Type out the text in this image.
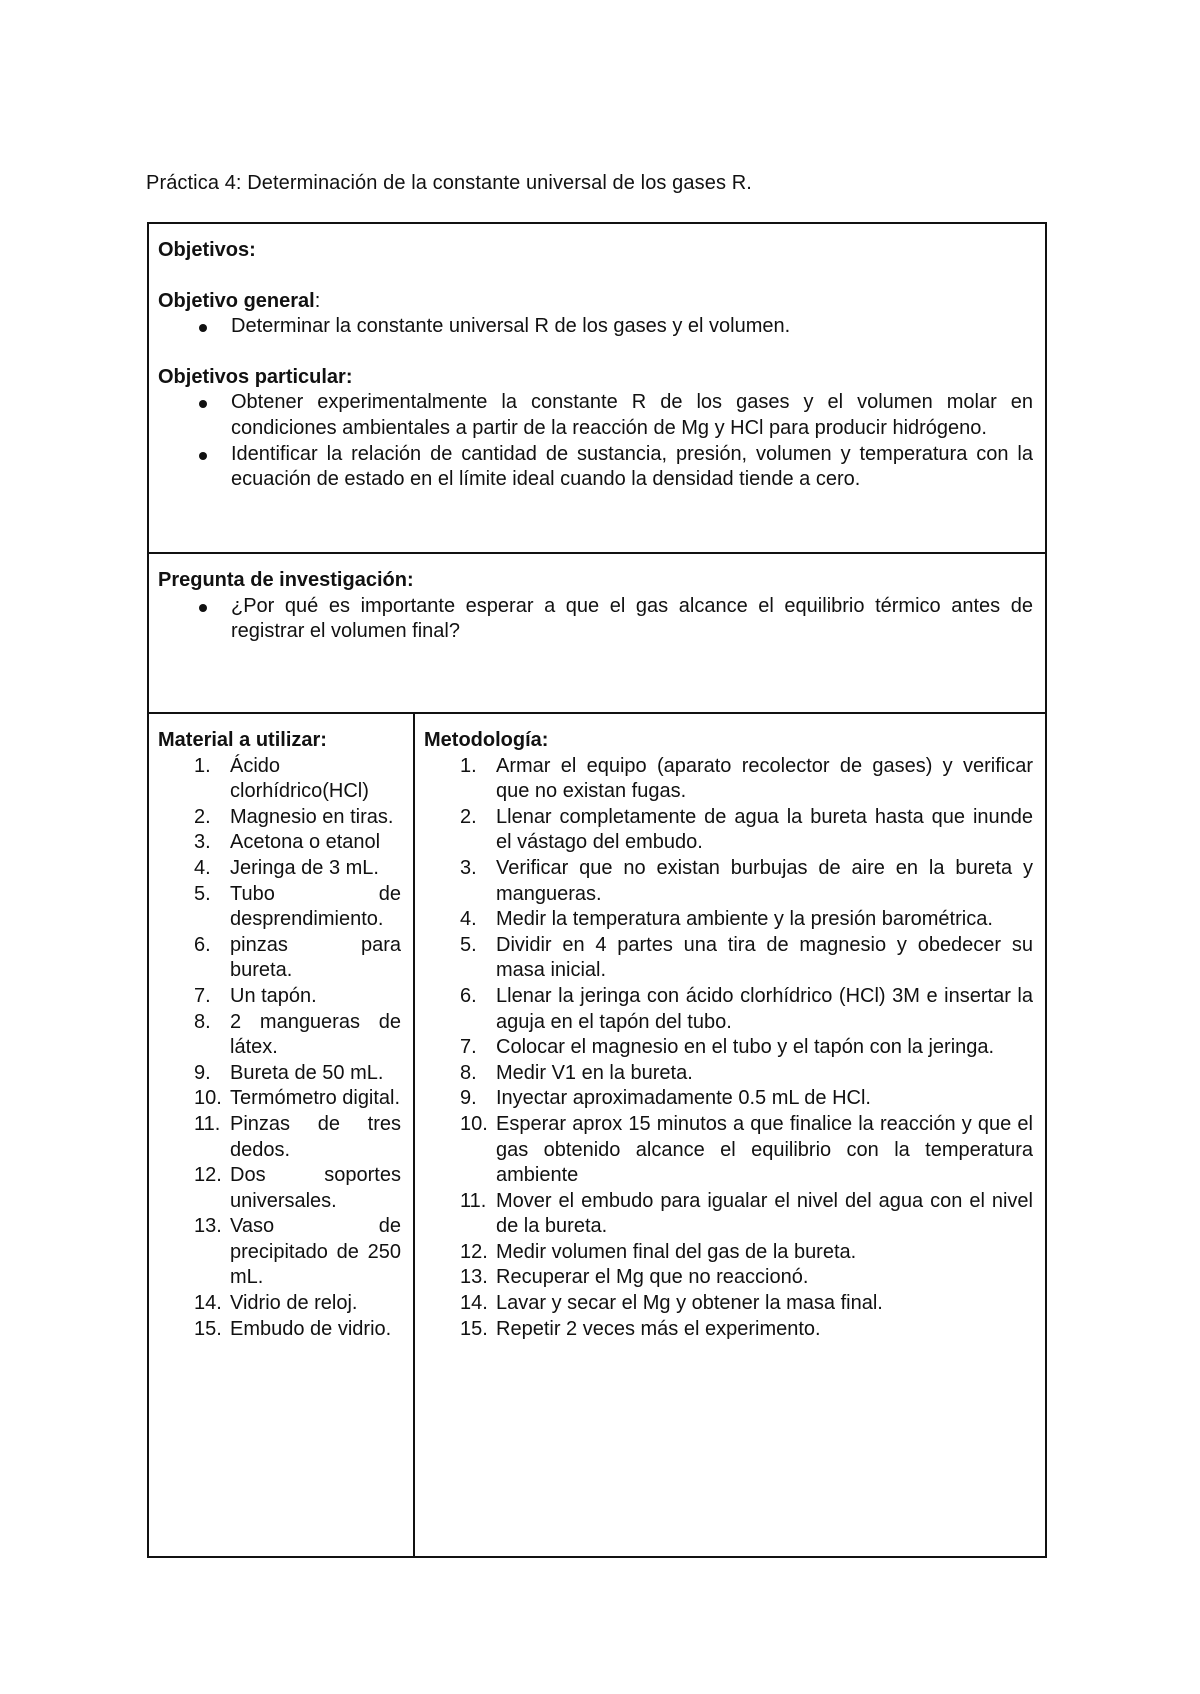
Práctica 4: Determinación de la constante universal de los gases R.
Objetivos:
Objetivo general:
Determinar la constante universal R de los gases y el volumen.
Objetivos particular:
Obtener experimentalmente la constante R de los gases y el volumen molar en condiciones ambientales a partir de la reacción de Mg y HCl para producir hidrógeno.
Identificar la relación de cantidad de sustancia, presión, volumen y temperatura con la ecuación de estado en el límite ideal cuando la densidad tiende a cero.
Pregunta de investigación:
¿Por qué es importante esperar a que el gas alcance el equilibrio térmico antes de registrar el volumen final?
Material a utilizar:
1. Ácido clorhídrico(HCl)
2. Magnesio en tiras.
3. Acetona o etanol
4. Jeringa de 3 mL.
5. Tubo de desprendimiento.
6. pinzas para bureta.
7. Un tapón.
8. 2 mangueras de látex.
9. Bureta de 50 mL.
10. Termómetro digital.
11. Pinzas de tres dedos.
12. Dos soportes universales.
13. Vaso de precipitado de 250 mL.
14. Vidrio de reloj.
15. Embudo de vidrio.
Metodología:
1. Armar el equipo (aparato recolector de gases) y verificar que no existan fugas.
2. Llenar completamente de agua la bureta hasta que inunde el vástago del embudo.
3. Verificar que no existan burbujas de aire en la bureta y mangueras.
4. Medir la temperatura ambiente y la presión barométrica.
5. Dividir en 4 partes una tira de magnesio y obedecer su masa inicial.
6. Llenar la jeringa con ácido clorhídrico (HCl) 3M e insertar la aguja en el tapón del tubo.
7. Colocar el magnesio en el tubo y el tapón con la jeringa.
8. Medir V1 en la bureta.
9. Inyectar aproximadamente 0.5 mL de HCl.
10. Esperar aprox 15 minutos a que finalice la reacción y que el gas obtenido alcance el equilibrio con la temperatura ambiente
11. Mover el embudo para igualar el nivel del agua con el nivel de la bureta.
12. Medir volumen final del gas de la bureta.
13. Recuperar el Mg que no reaccionó.
14. Lavar y secar el Mg y obtener la masa final.
15. Repetir 2 veces más el experimento.
